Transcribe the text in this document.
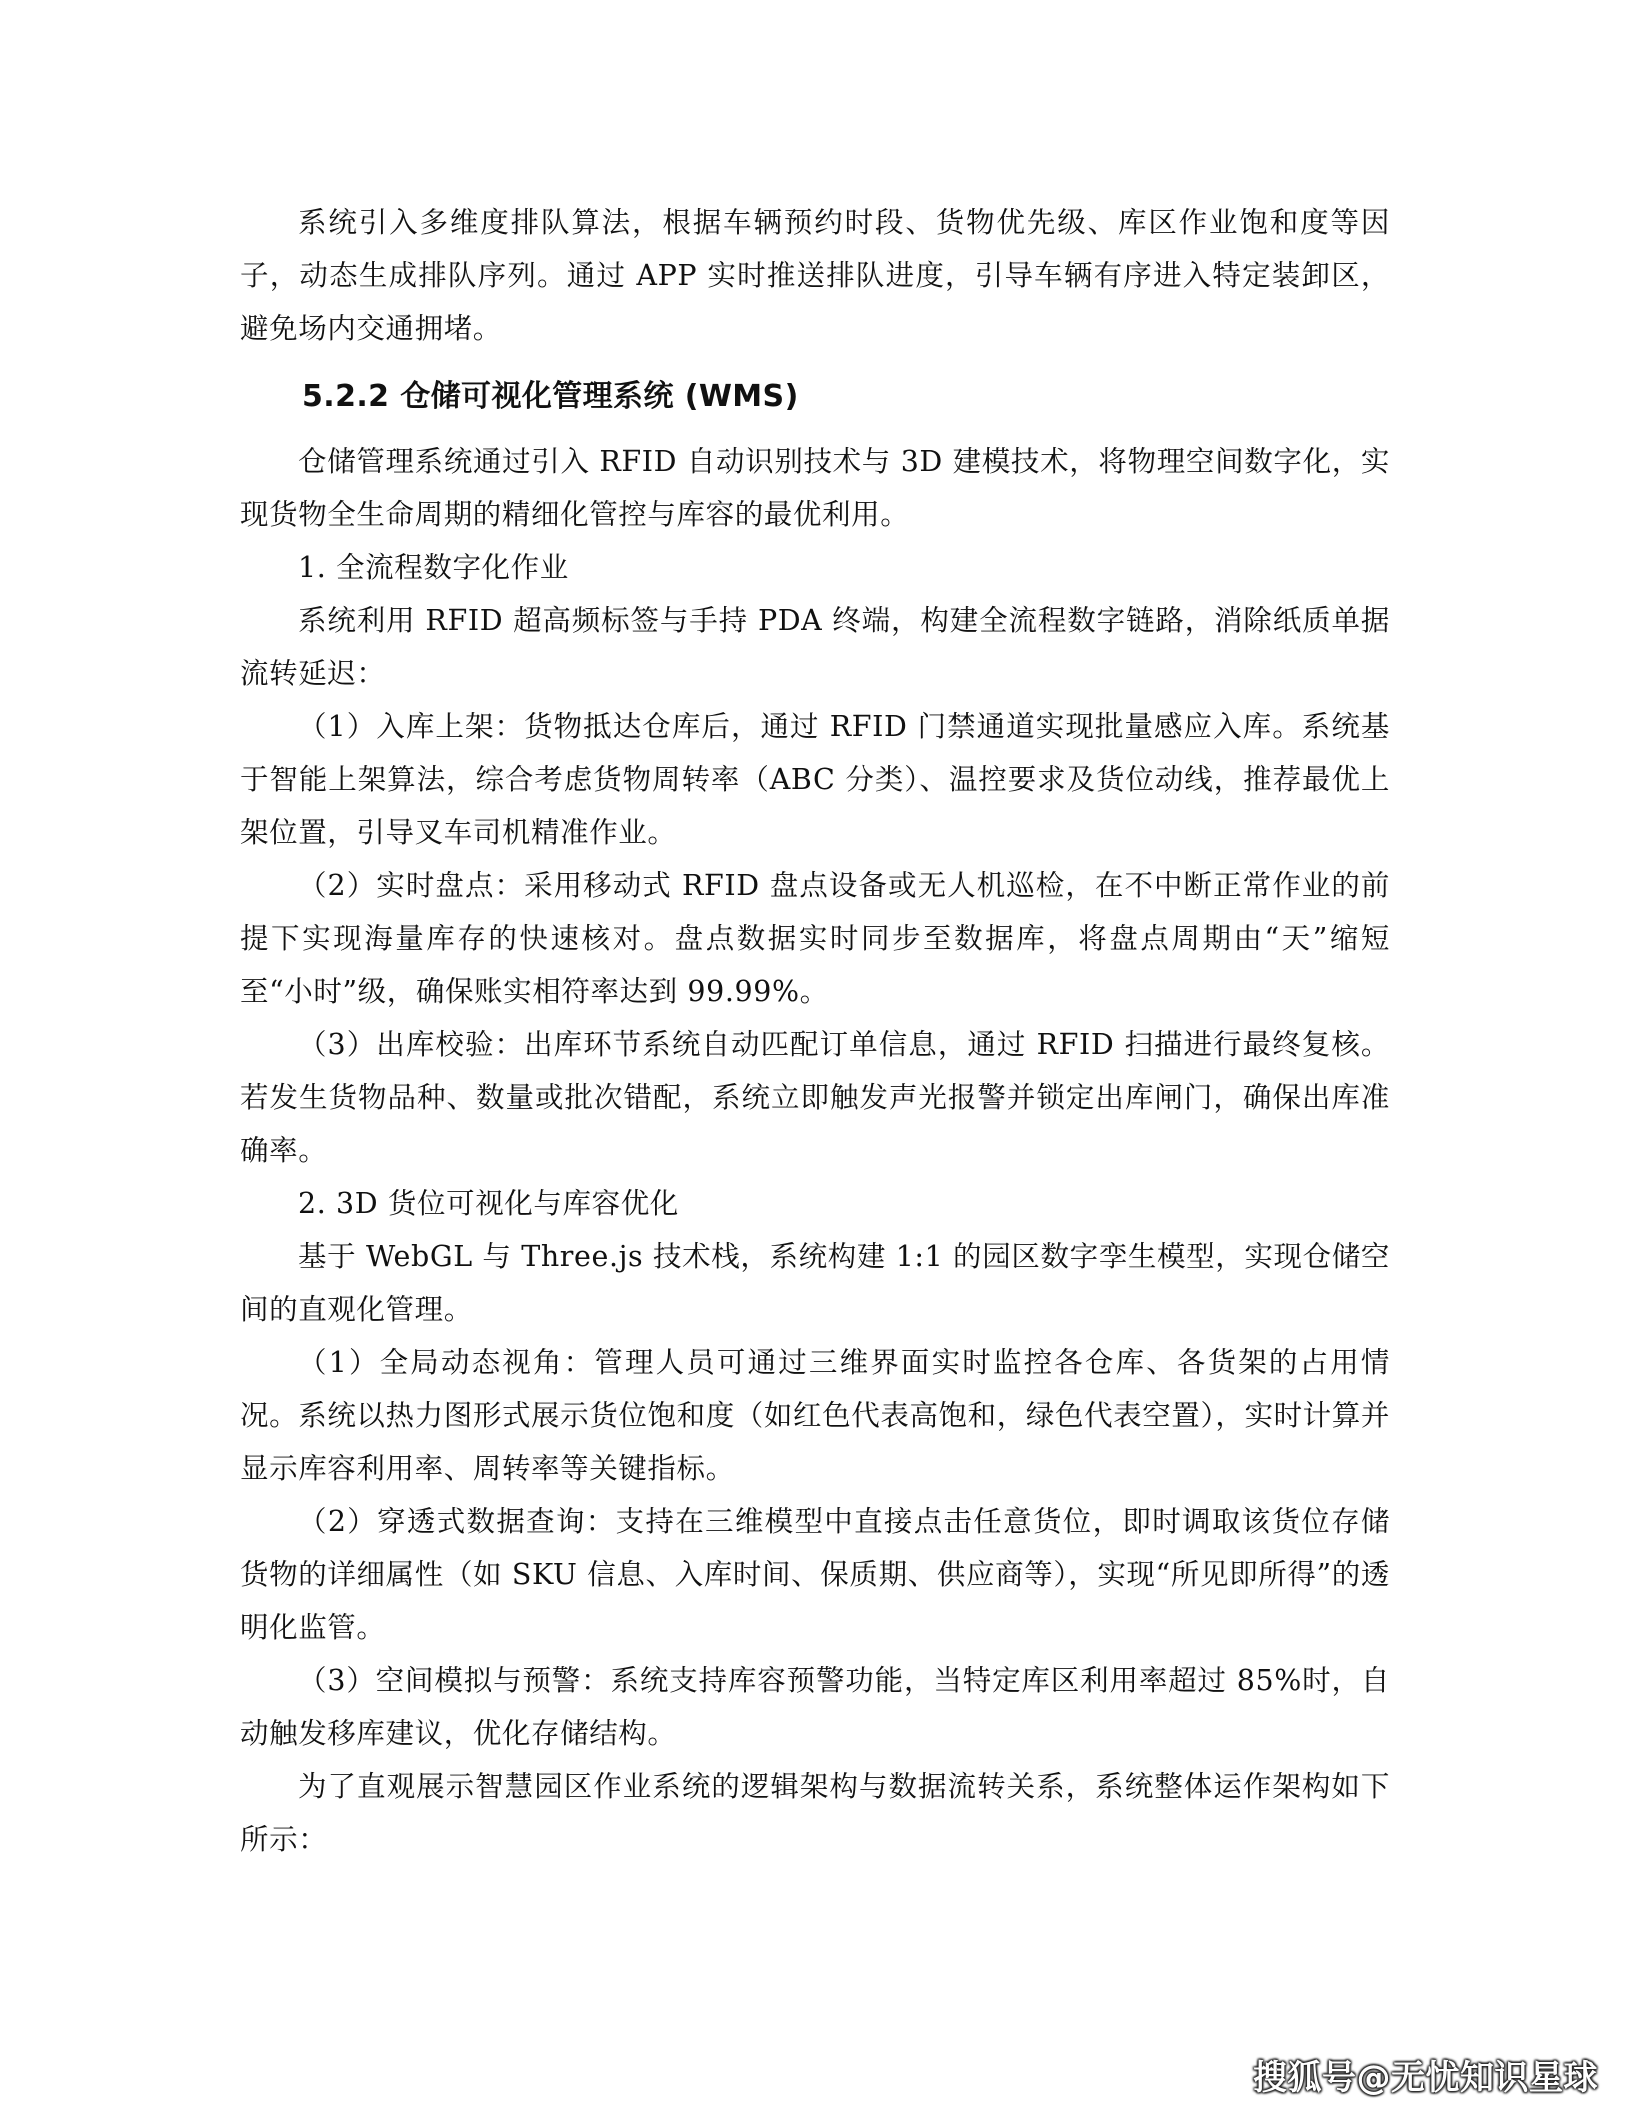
系统引入多维度排队算法，根据车辆预约时段、货物优先级、库区作业饱和度等因子，动态生成排队序列。通过 APP 实时推送排队进度，引导车辆有序进入特定装卸区，避免场内交通拥堵。

5.2.2 仓储可视化管理系统 (WMS)

仓储管理系统通过引入 RFID 自动识别技术与 3D 建模技术，将物理空间数字化，实现货物全生命周期的精细化管控与库容的最优利用。

1. 全流程数字化作业

系统利用 RFID 超高频标签与手持 PDA 终端，构建全流程数字链路，消除纸质单据流转延迟：

（1）入库上架：货物抵达仓库后，通过 RFID 门禁通道实现批量感应入库。系统基于智能上架算法，综合考虑货物周转率（ABC 分类）、温控要求及货位动线，推荐最优上架位置，引导叉车司机精准作业。

（2）实时盘点：采用移动式 RFID 盘点设备或无人机巡检，在不中断正常作业的前提下实现海量库存的快速核对。盘点数据实时同步至数据库，将盘点周期由“天”缩短至“小时”级，确保账实相符率达到 99.99%。

（3）出库校验：出库环节系统自动匹配订单信息，通过 RFID 扫描进行最终复核。若发生货物品种、数量或批次错配，系统立即触发声光报警并锁定出库闸门，确保出库准确率。

2. 3D 货位可视化与库容优化

基于 WebGL 与 Three.js 技术栈，系统构建 1:1 的园区数字孪生模型，实现仓储空间的直观化管理。

（1）全局动态视角：管理人员可通过三维界面实时监控各仓库、各货架的占用情况。系统以热力图形式展示货位饱和度（如红色代表高饱和，绿色代表空置），实时计算并显示库容利用率、周转率等关键指标。

（2）穿透式数据查询：支持在三维模型中直接点击任意货位，即时调取该货位存储货物的详细属性（如 SKU 信息、入库时间、保质期、供应商等），实现“所见即所得”的透明化监管。

（3）空间模拟与预警：系统支持库容预警功能，当特定库区利用率超过 85%时，自动触发移库建议，优化存储结构。

为了直观展示智慧园区作业系统的逻辑架构与数据流转关系，系统整体运作架构如下所示：

搜狐号@无忧知识星球
